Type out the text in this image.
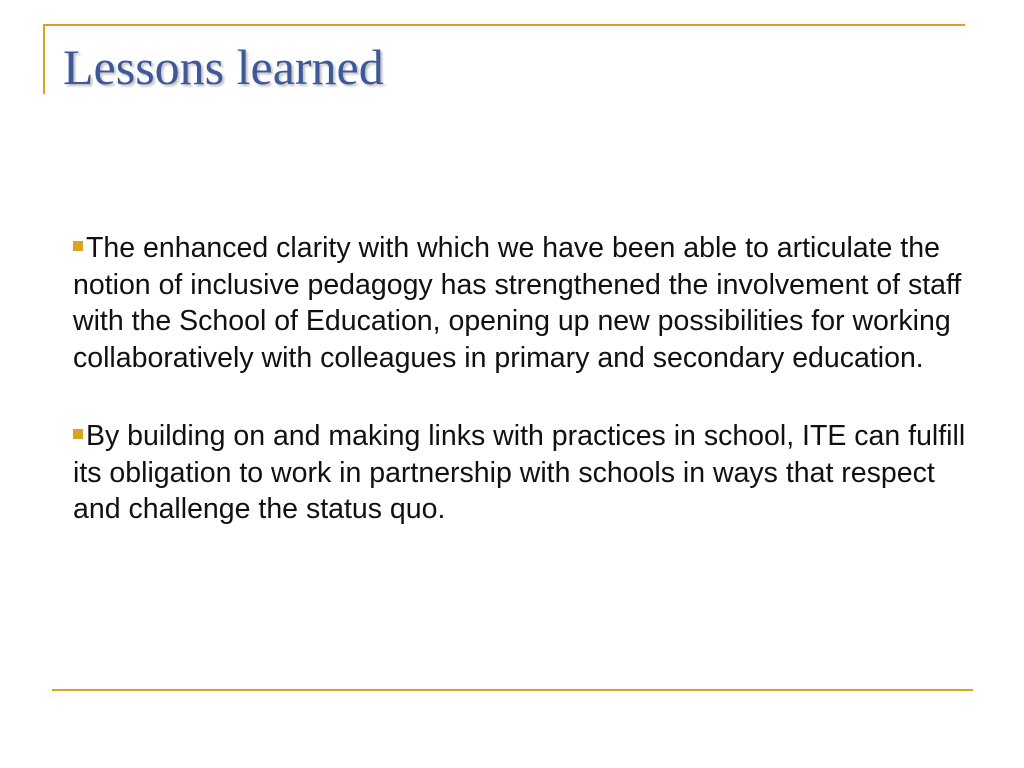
Lessons learned

The enhanced clarity with which we have been able to articulate the notion of inclusive pedagogy has strengthened the involvement of staff with the School of Education, opening up new possibilities for working collaboratively with colleagues in primary and secondary education.

By building on and making links with practices in school, ITE can fulfill its obligation to work in partnership with schools in ways that respect and challenge the status quo.
